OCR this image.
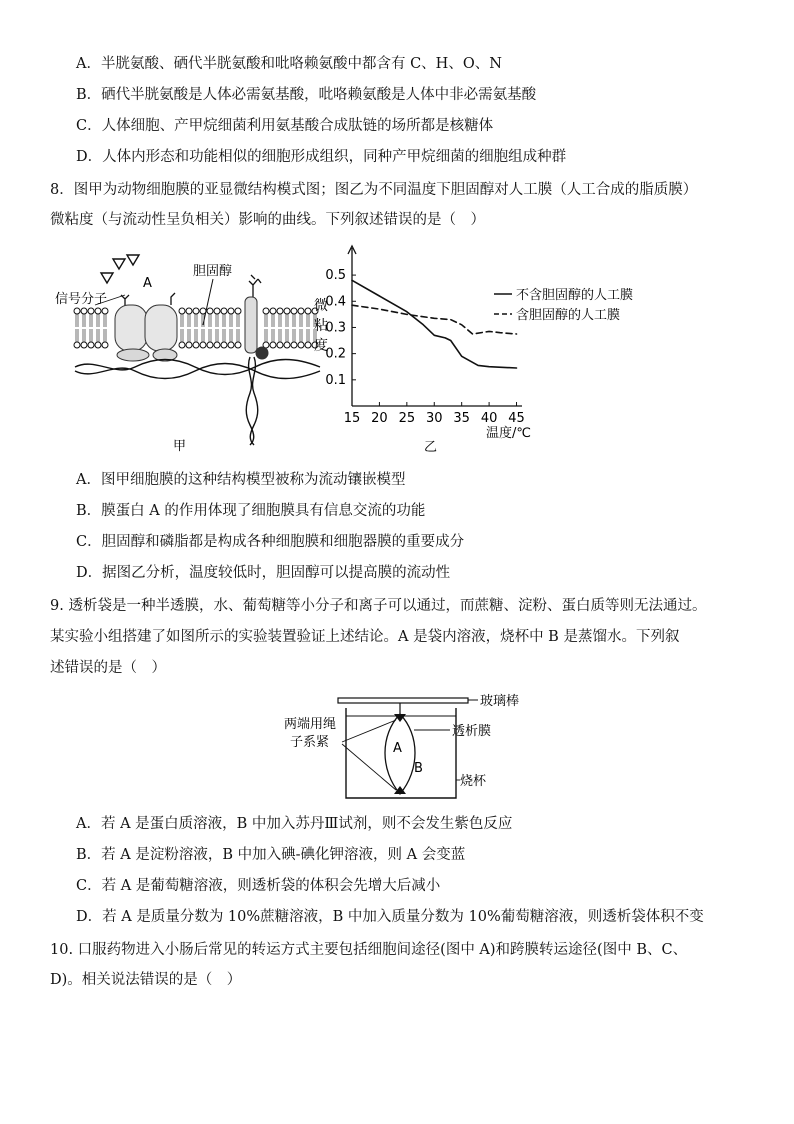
A．半胱氨酸、硒代半胱氨酸和吡咯赖氨酸中都含有 C、H、O、N
B．硒代半胱氨酸是人体必需氨基酸，吡咯赖氨酸是人体中非必需氨基酸
C．人体细胞、产甲烷细菌利用氨基酸合成肽链的场所都是核糖体
D．人体内形态和功能相似的细胞形成组织，同种产甲烷细菌的细胞组成种群
8．图甲为动物细胞膜的亚显微结构模式图；图乙为不同温度下胆固醇对人工膜（人工合成的脂质膜）
微粘度（与流动性呈负相关）影响的曲线。下列叙述错误的是（　）
信号分子
A
胆固醇
甲
15 20 25 30 35 40 45
0.1
0.2
0.3
0.4
0.5
微
粘
度
温度/℃
乙
不含胆固醇的人工膜
含胆固醇的人工膜
A．图甲细胞膜的这种结构模型被称为流动镶嵌模型
B．膜蛋白 A 的作用体现了细胞膜具有信息交流的功能
C．胆固醇和磷脂都是构成各种细胞膜和细胞器膜的重要成分
D．据图乙分析，温度较低时，胆固醇可以提高膜的流动性
9. 透析袋是一种半透膜，水、葡萄糖等小分子和离子可以通过，而蔗糖、淀粉、蛋白质等则无法通过。
某实验小组搭建了如图所示的实验装置验证上述结论。A 是袋内溶液，烧杯中 B 是蒸馏水。下列叙
述错误的是（　）
玻璃棒
A
B
两端用绳
子系紧
透析膜
烧杯
A．若 A 是蛋白质溶液，B 中加入苏丹Ⅲ试剂，则不会发生紫色反应
B．若 A 是淀粉溶液，B 中加入碘-碘化钾溶液，则 A 会变蓝
C．若 A 是葡萄糖溶液，则透析袋的体积会先增大后减小
D．若 A 是质量分数为 10%蔗糖溶液，B 中加入质量分数为 10%葡萄糖溶液，则透析袋体积不变
10. 口服药物进入小肠后常见的转运方式主要包括细胞间途径(图中 A)和跨膜转运途径(图中 B、C、
D)。相关说法错误的是（　）
